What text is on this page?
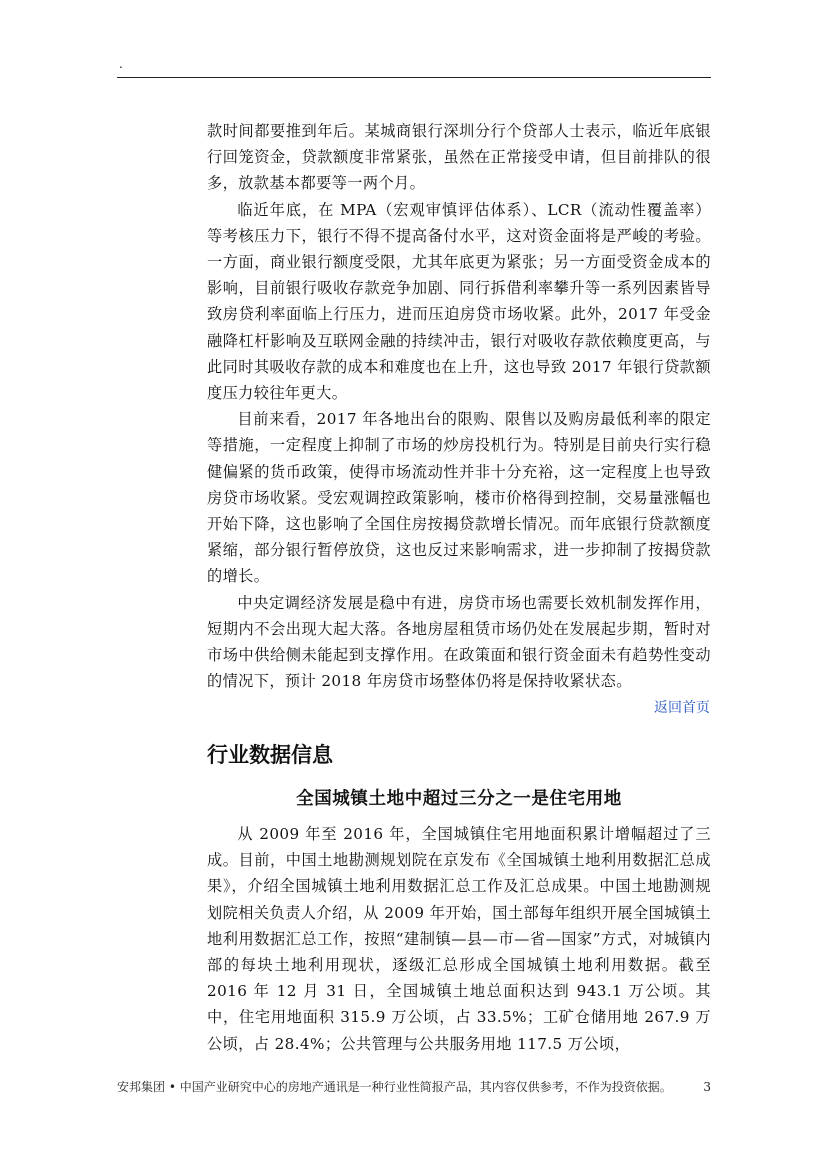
.

款时间都要推到年后。某城商银行深圳分行个贷部人士表示，临近年底银行回笼资金，贷款额度非常紧张，虽然在正常接受申请，但目前排队的很多，放款基本都要等一两个月。

临近年底，在 MPA（宏观审慎评估体系）、LCR（流动性覆盖率）等考核压力下，银行不得不提高备付水平，这对资金面将是严峻的考验。一方面，商业银行额度受限，尤其年底更为紧张；另一方面受资金成本的影响，目前银行吸收存款竞争加剧、同行拆借利率攀升等一系列因素皆导致房贷利率面临上行压力，进而压迫房贷市场收紧。此外，2017 年受金融降杠杆影响及互联网金融的持续冲击，银行对吸收存款依赖度更高，与此同时其吸收存款的成本和难度也在上升，这也导致 2017 年银行贷款额度压力较往年更大。

目前来看，2017 年各地出台的限购、限售以及购房最低利率的限定等措施，一定程度上抑制了市场的炒房投机行为。特别是目前央行实行稳健偏紧的货币政策，使得市场流动性并非十分充裕，这一定程度上也导致房贷市场收紧。受宏观调控政策影响，楼市价格得到控制，交易量涨幅也开始下降，这也影响了全国住房按揭贷款增长情况。而年底银行贷款额度紧缩，部分银行暂停放贷，这也反过来影响需求，进一步抑制了按揭贷款的增长。

中央定调经济发展是稳中有进，房贷市场也需要长效机制发挥作用，短期内不会出现大起大落。各地房屋租赁市场仍处在发展起步期，暂时对市场中供给侧未能起到支撑作用。在政策面和银行资金面未有趋势性变动的情况下，预计 2018 年房贷市场整体仍将是保持收紧状态。

返回首页
行业数据信息
全国城镇土地中超过三分之一是住宅用地

从 2009 年至 2016 年，全国城镇住宅用地面积累计增幅超过了三成。目前，中国土地勘测规划院在京发布《全国城镇土地利用数据汇总成果》，介绍全国城镇土地利用数据汇总工作及汇总成果。中国土地勘测规划院相关负责人介绍，从 2009 年开始，国土部每年组织开展全国城镇土地利用数据汇总工作，按照“建制镇—县—市—省—国家”方式，对城镇内部的每块土地利用现状，逐级汇总形成全国城镇土地利用数据。截至 2016 年 12 月 31 日，全国城镇土地总面积达到 943.1 万公顷。其中，住宅用地面积 315.9 万公顷，占 33.5%；工矿仓储用地 267.9 万公顷，占 28.4%；公共管理与公共服务用地 117.5 万公顷，

安邦集团 • 中国产业研究中心的房地产通讯是一种行业性简报产品，其内容仅供参考，不作为投资依据。	3
